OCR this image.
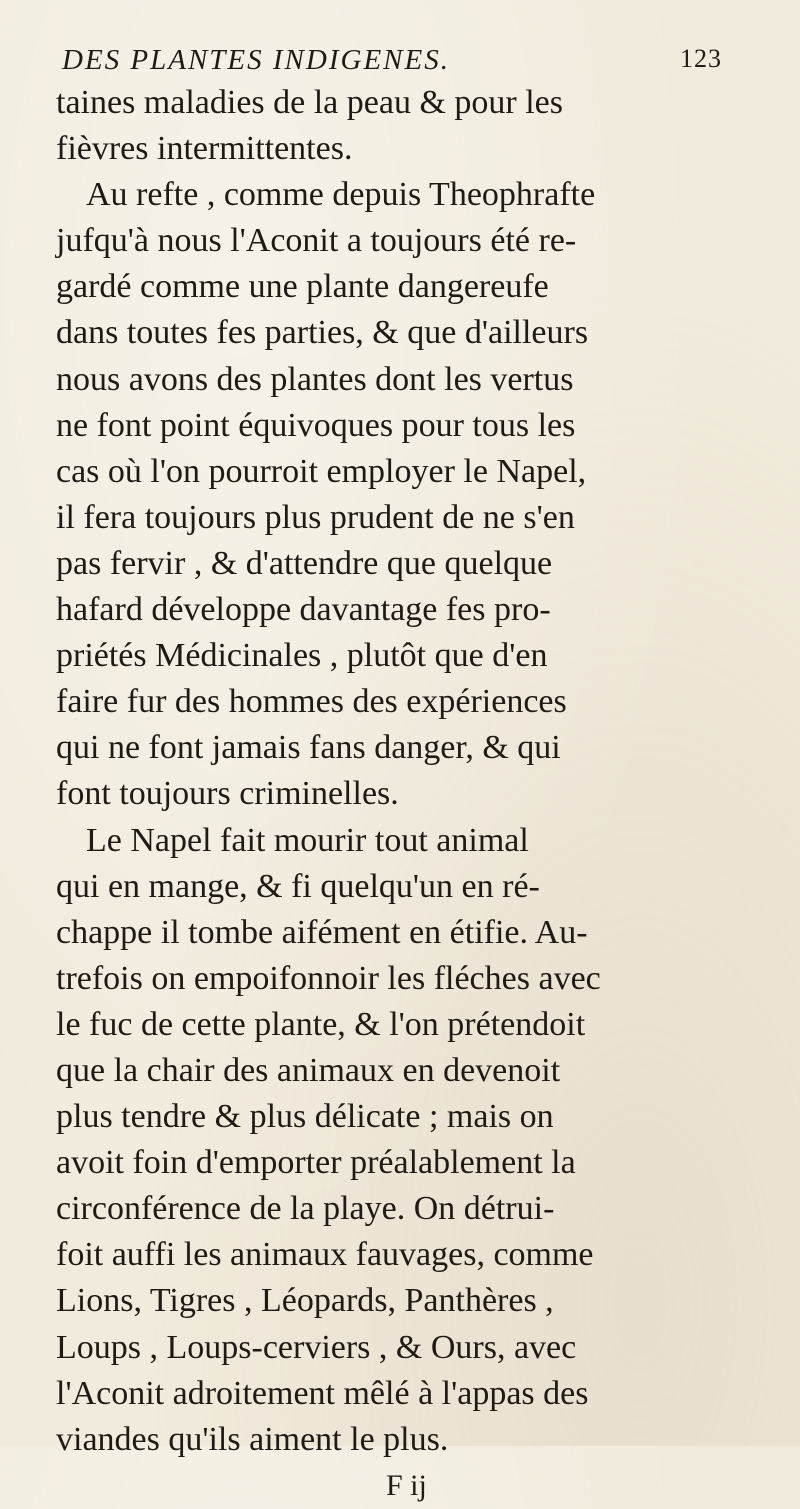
DES PLANTES INDIGENES.	123
taines maladies de la peau & pour les
fièvres intermittentes.
Au refte , comme depuis Theophrafte
jufqu'à nous l'Aconit a toujours été re-
gardé comme une plante dangereufe
dans toutes fes parties, & que d'ailleurs
nous avons des plantes dont les vertus
ne font point équivoques pour tous les
cas où l'on pourroit employer le Napel,
il fera toujours plus prudent de ne s'en
pas fervir , & d'attendre que quelque
hafard développe davantage fes pro-
priétés Médicinales , plutôt que d'en
faire fur des hommes des expériences
qui ne font jamais fans danger, & qui
font toujours criminelles.
Le Napel fait mourir tout animal
qui en mange, & fi quelqu'un en ré-
chappe il tombe aifément en étifie. Au-
trefois on empoifonnoir les fléches avec
le fuc de cette plante, & l'on prétendoit
que la chair des animaux en devenoit
plus tendre & plus délicate ; mais on
avoit foin d'emporter préalablement la
circonférence de la playe. On détrui-
foit auffi les animaux fauvages, comme
Lions, Tigres , Léopards, Panthères ,
Loups , Loups-cerviers , & Ours, avec
l'Aconit adroitement mêlé à l'appas des
viandes qu'ils aiment le plus.
F ij
